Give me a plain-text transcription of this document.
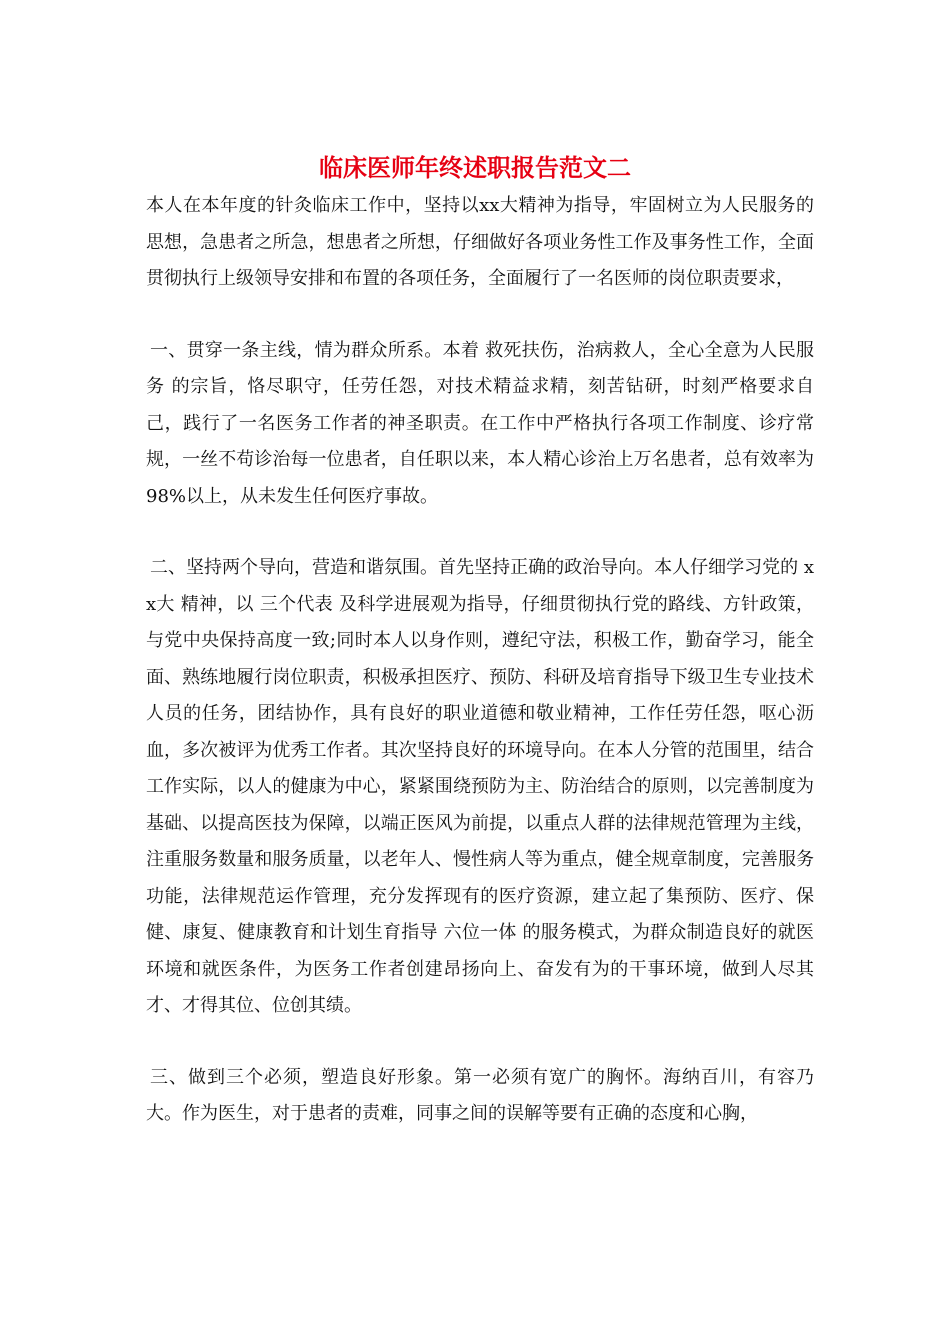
临床医师年终述职报告范文二

本人在本年度的针灸临床工作中，坚持以xx大精神为指导，牢固树立为人民服务的思想，急患者之所急，想患者之所想，仔细做好各项业务性工作及事务性工作，全面贯彻执行上级领导安排和布置的各项任务，全面履行了一名医师的岗位职责要求，

一、贯穿一条主线，情为群众所系。本着 救死扶伤，治病救人，全心全意为人民服务 的宗旨，恪尽职守，任劳任怨，对技术精益求精，刻苦钻研，时刻严格要求自己，践行了一名医务工作者的神圣职责。在工作中严格执行各项工作制度、诊疗常规，一丝不苟诊治每一位患者，自任职以来，本人精心诊治上万名患者，总有效率为98%以上，从未发生任何医疗事故。

二、坚持两个导向，营造和谐氛围。首先坚持正确的政治导向。本人仔细学习党的 xx大 精神，以 三个代表 及科学进展观为指导，仔细贯彻执行党的路线、方针政策，与党中央保持高度一致;同时本人以身作则，遵纪守法，积极工作，勤奋学习，能全面、熟练地履行岗位职责，积极承担医疗、预防、科研及培育指导下级卫生专业技术人员的任务，团结协作，具有良好的职业道德和敬业精神，工作任劳任怨，呕心沥血，多次被评为优秀工作者。其次坚持良好的环境导向。在本人分管的范围里，结合工作实际，以人的健康为中心，紧紧围绕预防为主、防治结合的原则，以完善制度为基础、以提高医技为保障，以端正医风为前提，以重点人群的法律规范管理为主线，注重服务数量和服务质量，以老年人、慢性病人等为重点，健全规章制度，完善服务功能，法律规范运作管理，充分发挥现有的医疗资源，建立起了集预防、医疗、保健、康复、健康教育和计划生育指导 六位一体 的服务模式，为群众制造良好的就医环境和就医条件，为医务工作者创建昂扬向上、奋发有为的干事环境，做到人尽其才、才得其位、位创其绩。

三、做到三个必须，塑造良好形象。第一必须有宽广的胸怀。海纳百川，有容乃大。作为医生，对于患者的责难，同事之间的误解等要有正确的态度和心胸，
